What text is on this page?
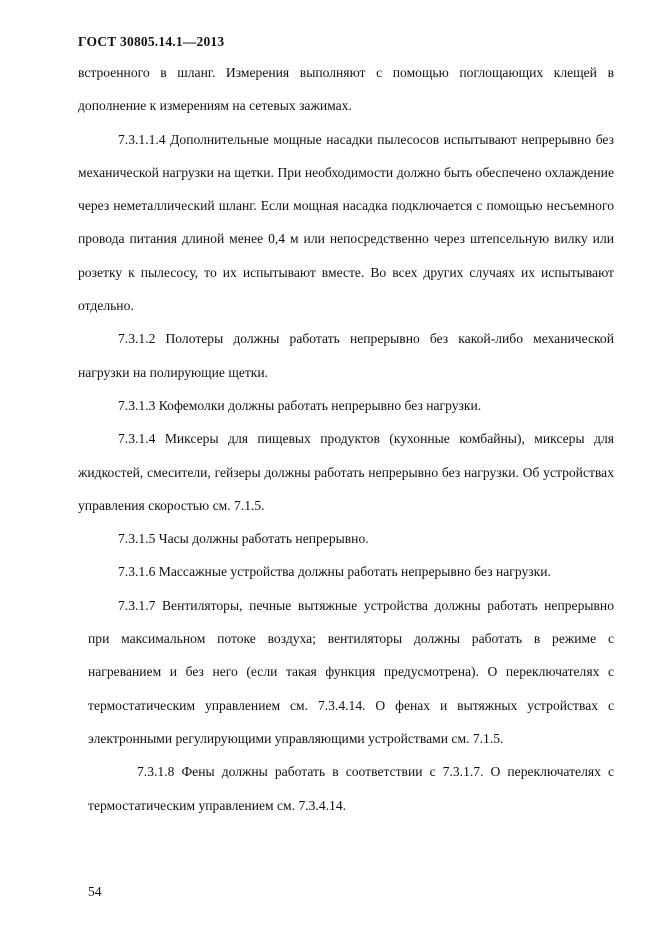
ГОСТ 30805.14.1—2013

встроенного в шланг. Измерения выполняют с помощью поглощающих клещей в дополнение к измерениям на сетевых зажимах.

7.3.1.1.4 Дополнительные мощные насадки пылесосов испытывают непрерывно без механической нагрузки на щетки. При необходимости должно быть обеспечено охлаждение через неметаллический шланг. Если мощная насадка подключается с помощью несъемного провода питания длиной менее 0,4 м или непосредственно через штепсельную вилку или розетку к пылесосу, то их испытывают вместе. Во всех других случаях их испытывают отдельно.

7.3.1.2 Полотеры должны работать непрерывно без какой-либо механической нагрузки на полирующие щетки.

7.3.1.3 Кофемолки должны работать непрерывно без нагрузки.

7.3.1.4 Миксеры для пищевых продуктов (кухонные комбайны), миксеры для жидкостей, смесители, гейзеры должны работать непрерывно без нагрузки. Об устройствах управления скоростью см. 7.1.5.

7.3.1.5 Часы должны работать непрерывно.

7.3.1.6 Массажные устройства должны работать непрерывно без нагрузки.

7.3.1.7 Вентиляторы, печные вытяжные устройства должны работать непрерывно при максимальном потоке воздуха; вентиляторы должны работать в режиме с нагреванием и без него (если такая функция предусмотрена). О переключателях с термостатическим управлением см. 7.3.4.14. О фенах и вытяжных устройствах с электронными регулирующими управляющими устройствами см. 7.1.5.

7.3.1.8 Фены должны работать в соответствии с 7.3.1.7. О переключателях с термостатическим управлением см. 7.3.4.14.

54
